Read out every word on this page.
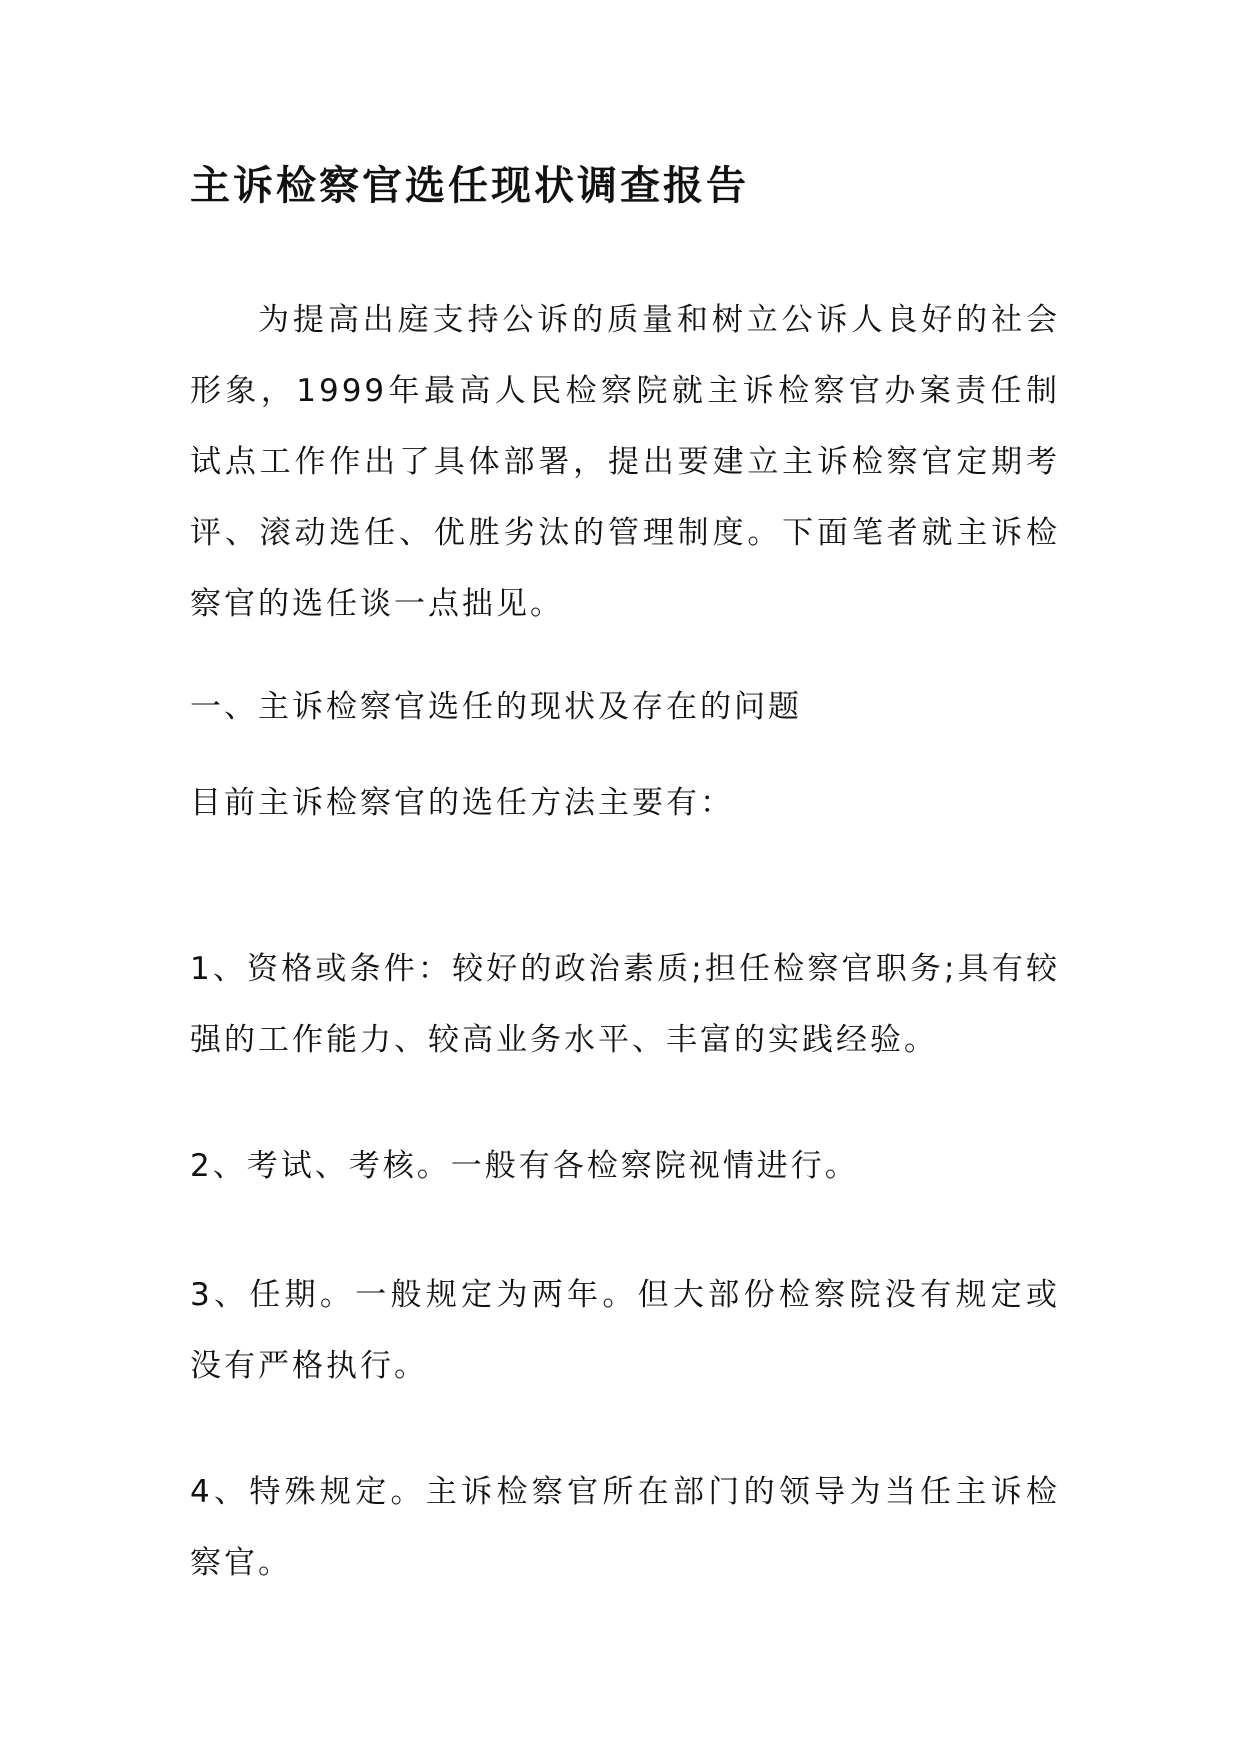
主诉检察官选任现状调查报告

为提高出庭支持公诉的质量和树立公诉人良好的社会形象，1999年最高人民检察院就主诉检察官办案责任制试点工作作出了具体部署，提出要建立主诉检察官定期考评、滚动选任、优胜劣汰的管理制度。下面笔者就主诉检察官的选任谈一点拙见。

一、主诉检察官选任的现状及存在的问题

目前主诉检察官的选任方法主要有：

1、资格或条件：较好的政治素质;担任检察官职务;具有较强的工作能力、较高业务水平、丰富的实践经验。

2、考试、考核。一般有各检察院视情进行。

3、任期。一般规定为两年。但大部份检察院没有规定或没有严格执行。

4、特殊规定。主诉检察官所在部门的领导为当任主诉检察官。
